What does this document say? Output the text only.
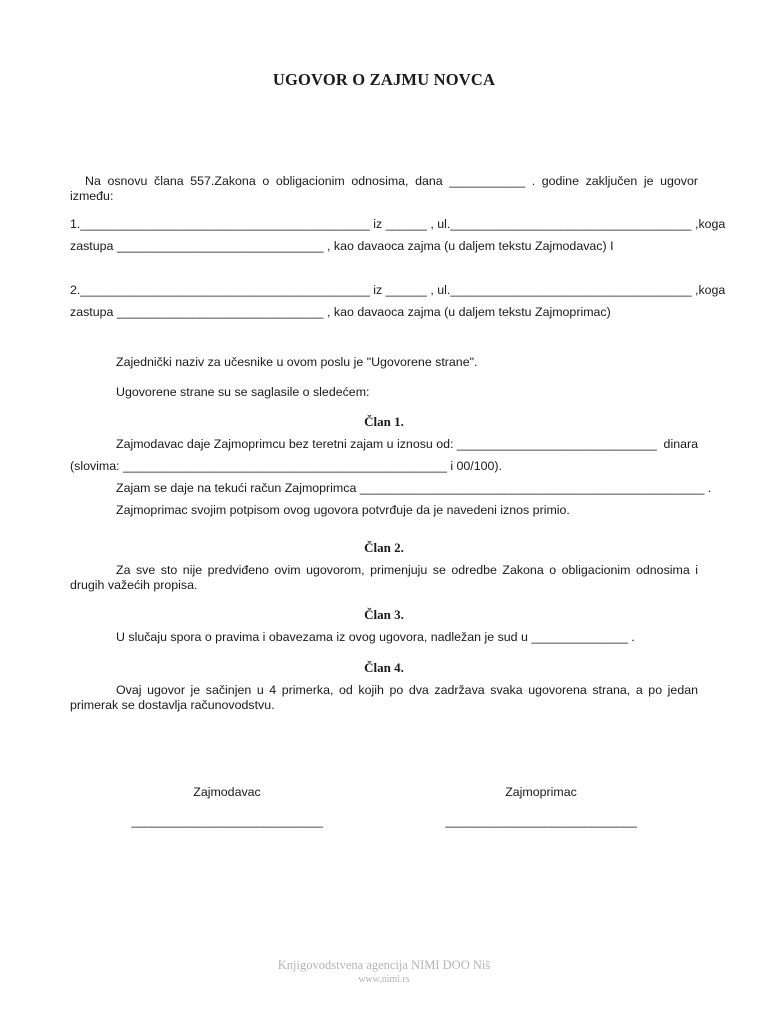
UGOVOR O ZAJMU NOVCA
Na osnovu člana 557.Zakona o obligacionim odnosima, dana ___________ . godine zaključen je ugovor
između:
1.__________________________________________ iz ______ , ul.___________________________________ , koga
zastupa ______________________________ , kao davaoca zajma (u daljem tekstu Zajmodavac) I
2.__________________________________________ iz ______ , ul.___________________________________ , koga
zastupa ______________________________ , kao davaoca zajma (u daljem tekstu Zajmoprimac)
Zajednički naziv za učesnike u ovom poslu je "Ugovorene strane".
Ugovorene strane su se saglasile o sledećem:
Član 1.
Zajmodavac daje Zajmoprimcu bez teretni zajam u iznosu od: _____________________________ dinara
(slovima: _______________________________________________ i 00/100).
Zajam se daje na tekući račun Zajmoprimca __________________________________________________ .
Zajmoprimac svojim potpisom ovog ugovora potvrđuje da je navedeni iznos primio.
Član 2.
Za sve sto nije predviđeno ovim ugovorom, primenjuju se odredbe Zakona o obligacionim odnosima i
drugih važećih propisa.
Član 3.
U slučaju spora o pravima i obavezama iz ovog ugovora, nadležan je sud u ______________ .
Član 4.
Ovaj ugovor je sačinjen u 4 primerka, od kojih po dva zadržava svaka ugovorena strana, a po jedan
primerak se dostavlja računovodstvu.
Zajmodavac	Zajmoprimac
_____________________________	_____________________________
Knjigovodstvena agencija NIMI DOO Niš
www.nimi.rs
